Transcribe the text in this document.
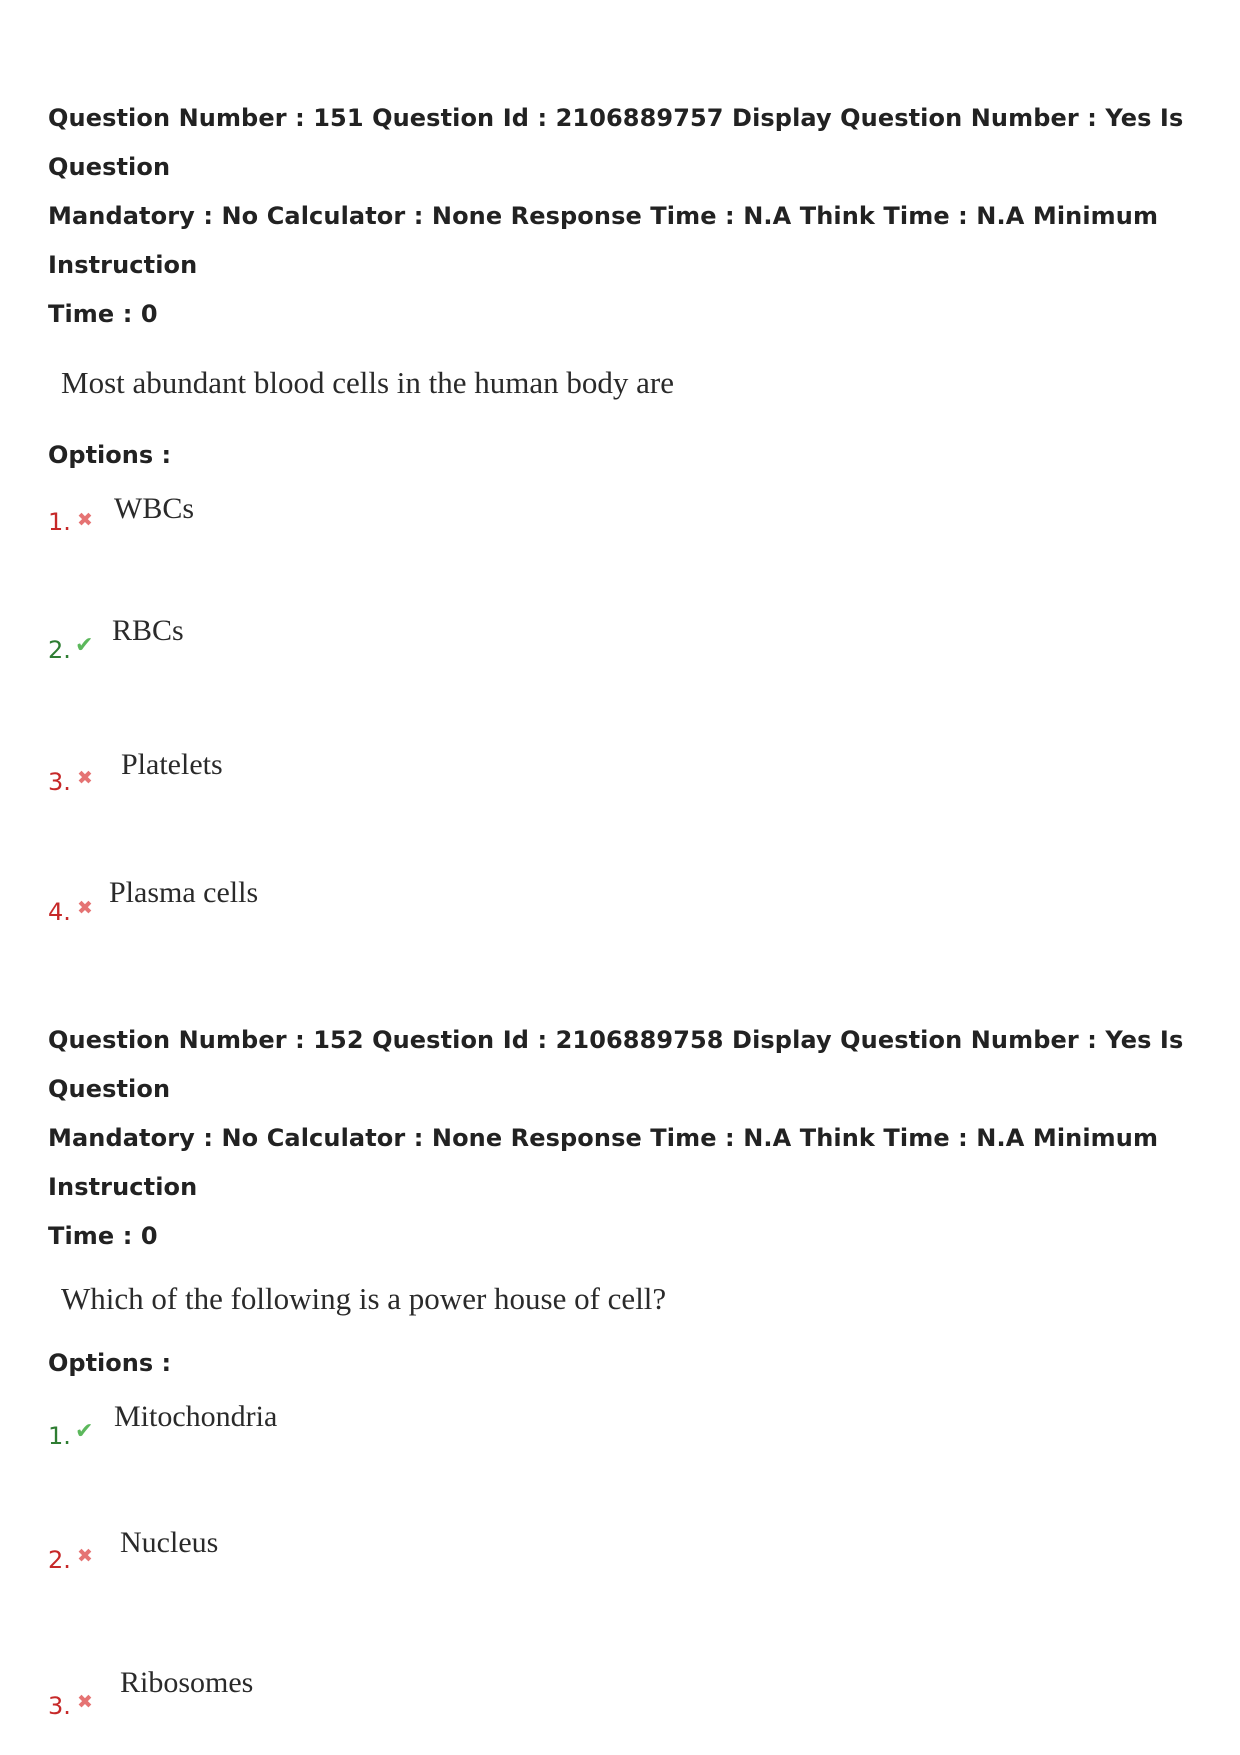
Question Number : 151 Question Id : 2106889757 Display Question Number : Yes Is Question

Mandatory : No Calculator : None Response Time : N.A Think Time : N.A Minimum Instruction

Time : 0

Most abundant blood cells in the human body are

Options :

1. ✖ WBCs
2. ✔ RBCs
3. ✖ Platelets
4. ✖ Plasma cells

Question Number : 152 Question Id : 2106889758 Display Question Number : Yes Is Question

Mandatory : No Calculator : None Response Time : N.A Think Time : N.A Minimum Instruction

Time : 0

Which of the following is a power house of cell?

Options :

1. ✔ Mitochondria
2. ✖ Nucleus
3. ✖
Ribosomes
